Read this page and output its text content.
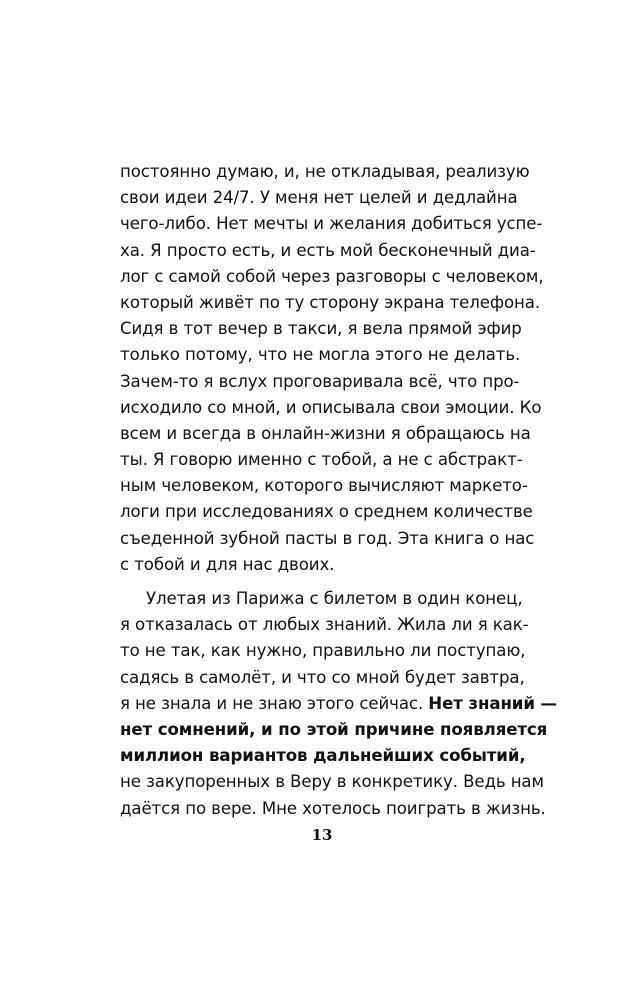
постоянно думаю, и, не откладывая, реализую
свои идеи 24/7. У меня нет целей и дедлайна
чего-либо. Нет мечты и желания добиться успе-
ха. Я просто есть, и есть мой бесконечный диа-
лог с самой собой через разговоры с человеком,
который живёт по ту сторону экрана телефона.
Сидя в тот вечер в такси, я вела прямой эфир
только потому, что не могла этого не делать.
Зачем-то я вслух проговаривала всё, что про-
исходило со мной, и описывала свои эмоции. Ко
всем и всегда в онлайн-жизни я обращаюсь на
ты. Я говорю именно с тобой, а не с абстракт-
ным человеком, которого вычисляют маркето-
логи при исследованиях о среднем количестве
съеденной зубной пасты в год. Эта книга о нас
с тобой и для нас двоих.
Улетая из Парижа с билетом в один конец,
я отказалась от любых знаний. Жила ли я как-
то не так, как нужно, правильно ли поступаю,
садясь в самолёт, и что со мной будет завтра,
я не знала и не знаю этого сейчас. Нет знаний —
нет сомнений, и по этой причине появляется
миллион вариантов дальнейших событий,
не закупоренных в Веру в конкретику. Ведь нам
даётся по вере. Мне хотелось поиграть в жизнь.
13
